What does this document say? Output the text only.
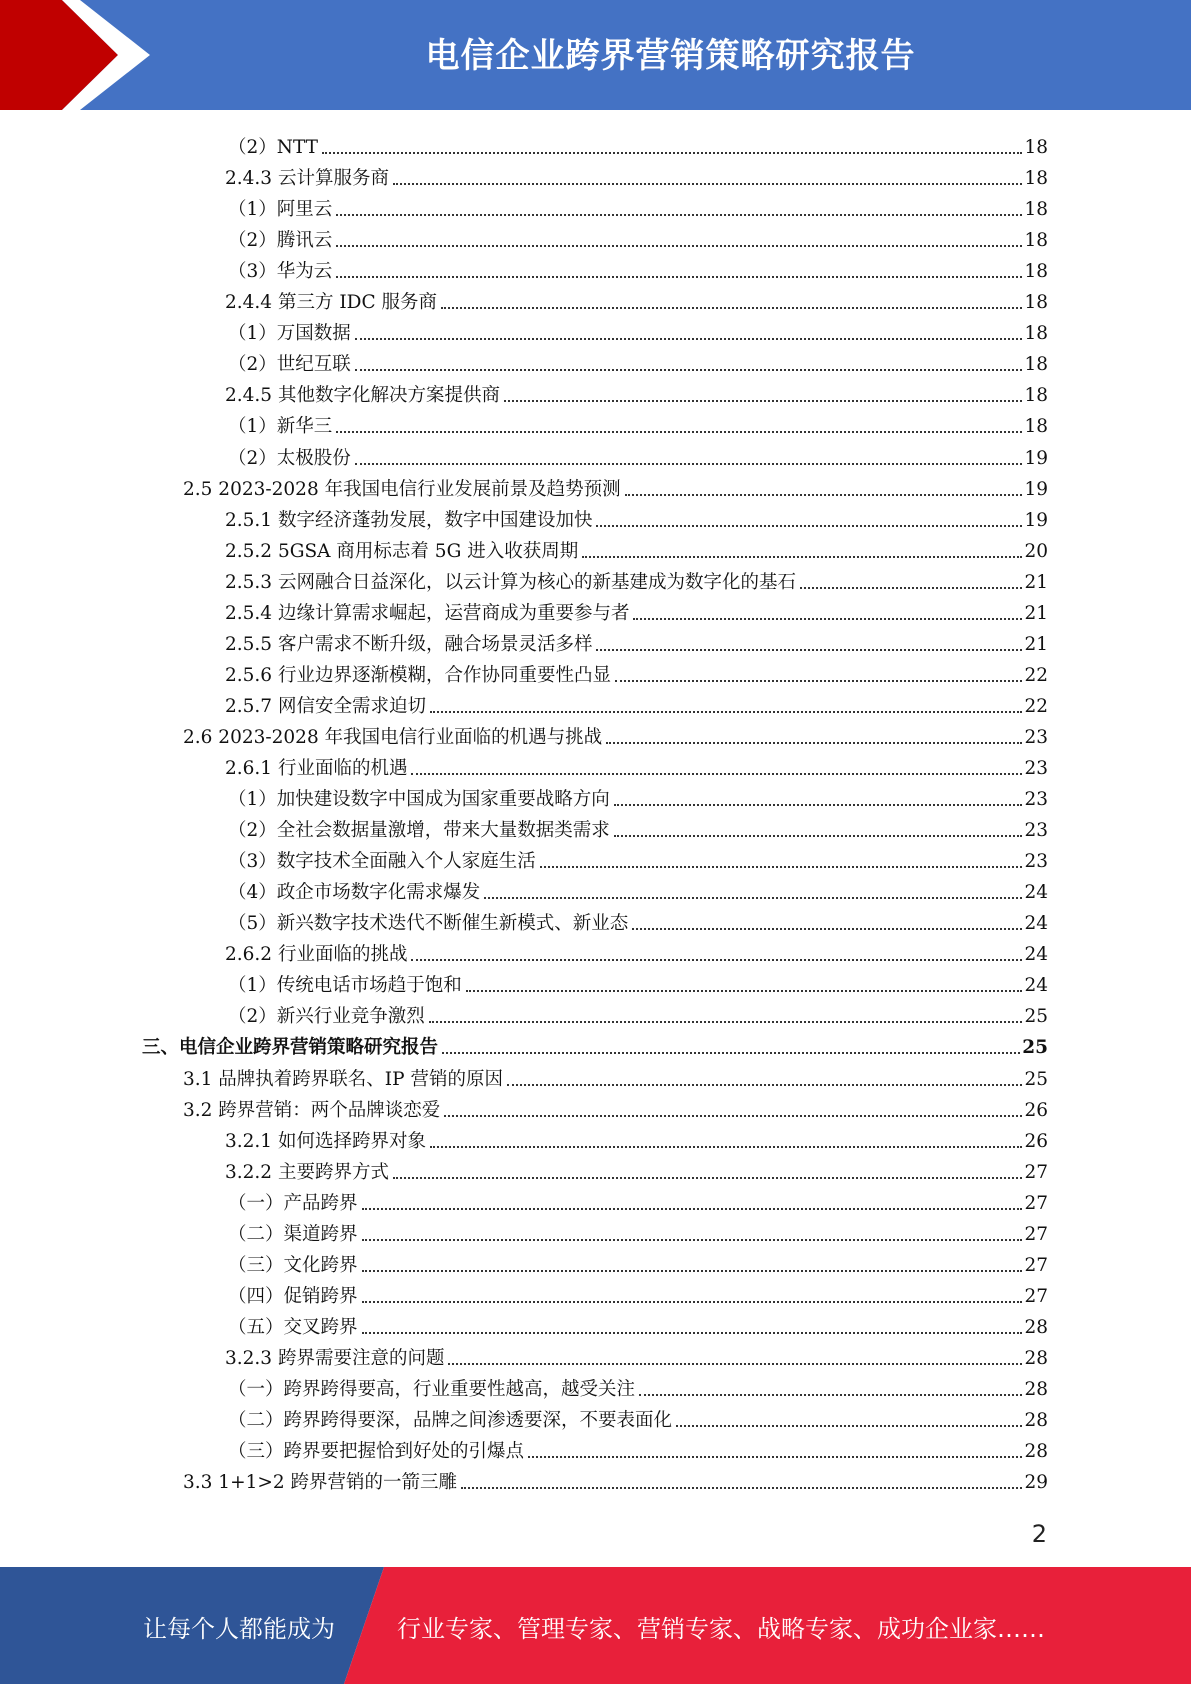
电信企业跨界营销策略研究报告
（2）NTT	18
2.4.3 云计算服务商	18
（1）阿里云	18
（2）腾讯云	18
（3）华为云	18
2.4.4 第三方 IDC 服务商	18
（1）万国数据	18
（2）世纪互联	18
2.4.5 其他数字化解决方案提供商	18
（1）新华三	18
（2）太极股份	19
2.5 2023-2028 年我国电信行业发展前景及趋势预测	19
2.5.1 数字经济蓬勃发展，数字中国建设加快	19
2.5.2 5GSA 商用标志着 5G 进入收获周期	20
2.5.3 云网融合日益深化，以云计算为核心的新基建成为数字化的基石	21
2.5.4 边缘计算需求崛起，运营商成为重要参与者	21
2.5.5 客户需求不断升级，融合场景灵活多样	21
2.5.6 行业边界逐渐模糊，合作协同重要性凸显	22
2.5.7 网信安全需求迫切	22
2.6 2023-2028 年我国电信行业面临的机遇与挑战	23
2.6.1 行业面临的机遇	23
（1）加快建设数字中国成为国家重要战略方向	23
（2）全社会数据量激增，带来大量数据类需求	23
（3）数字技术全面融入个人家庭生活	23
（4）政企市场数字化需求爆发	24
（5）新兴数字技术迭代不断催生新模式、新业态	24
2.6.2 行业面临的挑战	24
（1）传统电话市场趋于饱和	24
（2）新兴行业竞争激烈	25
三、电信企业跨界营销策略研究报告	25
3.1 品牌执着跨界联名、IP 营销的原因	25
3.2 跨界营销：两个品牌谈恋爱	26
3.2.1 如何选择跨界对象	26
3.2.2 主要跨界方式	27
（一）产品跨界	27
（二）渠道跨界	27
（三）文化跨界	27
（四）促销跨界	27
（五）交叉跨界	28
3.2.3 跨界需要注意的问题	28
（一）跨界跨得要高，行业重要性越高，越受关注	28
（二）跨界跨得要深，品牌之间渗透要深，不要表面化	28
（三）跨界要把握恰到好处的引爆点	28
3.3 1+1>2 跨界营销的一箭三雕	29
2
让每个人都能成为	行业专家、管理专家、营销专家、战略专家、成功企业家……
